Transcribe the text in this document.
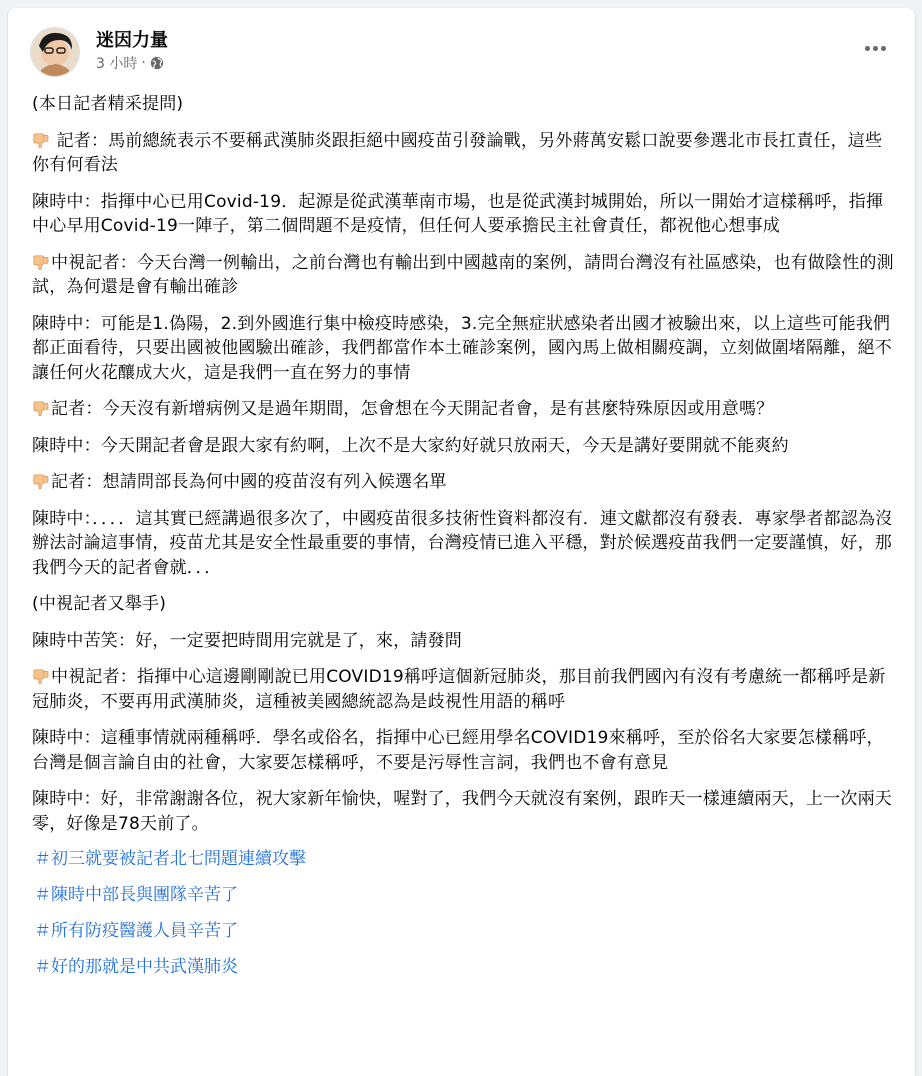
迷因力量
3 小時 ·

(本日記者精采提問)

記者：馬前總統表示不要稱武漢肺炎跟拒絕中國疫苗引發論戰，另外蔣萬安鬆口說要參選北市長扛責任，這些你有何看法

陳時中：指揮中心已用Covid-19．起源是從武漢華南市場，也是從武漢封城開始，所以一開始才這樣稱呼，指揮中心早用Covid-19一陣子，第二個問題不是疫情，但任何人要承擔民主社會責任，都祝他心想事成

中視記者：今天台灣一例輸出，之前台灣也有輸出到中國越南的案例，請問台灣沒有社區感染，也有做陰性的測試，為何還是會有輸出確診

陳時中：可能是1.偽陽，2.到外國進行集中檢疫時感染，3.完全無症狀感染者出國才被驗出來，以上這些可能我們都正面看待，只要出國被他國驗出確診，我們都當作本土確診案例，國內馬上做相關疫調，立刻做圍堵隔離，絕不讓任何火花釀成大火，這是我們一直在努力的事情

記者：今天沒有新增病例又是過年期間，怎會想在今天開記者會，是有甚麼特殊原因或用意嗎？

陳時中：今天開記者會是跟大家有約啊，上次不是大家約好就只放兩天，今天是講好要開就不能爽約

記者：想請問部長為何中國的疫苗沒有列入候選名單

陳時中：．．．．這其實已經講過很多次了，中國疫苗很多技術性資料都沒有．連文獻都沒有發表．專家學者都認為沒辦法討論這事情，疫苗尤其是安全性最重要的事情，台灣疫情已進入平穩，對於候選疫苗我們一定要謹慎，好，那我們今天的記者會就．．．

(中視記者又舉手)

陳時中苦笑：好，一定要把時間用完就是了，來，請發問

中視記者：指揮中心這邊剛剛說已用COVID19稱呼這個新冠肺炎，那目前我們國內有沒有考慮統一都稱呼是新冠肺炎，不要再用武漢肺炎，這種被美國總統認為是歧視性用語的稱呼

陳時中：這種事情就兩種稱呼．學名或俗名，指揮中心已經用學名COVID19來稱呼，至於俗名大家要怎樣稱呼，台灣是個言論自由的社會，大家要怎樣稱呼，不要是污辱性言詞，我們也不會有意見

陳時中：好，非常謝謝各位，祝大家新年愉快，喔對了，我們今天就沒有案例，跟昨天一樣連續兩天，上一次兩天零，好像是78天前了。

＃初三就要被記者北七問題連續攻擊
＃陳時中部長與團隊辛苦了
＃所有防疫醫護人員辛苦了
＃好的那就是中共武漢肺炎
